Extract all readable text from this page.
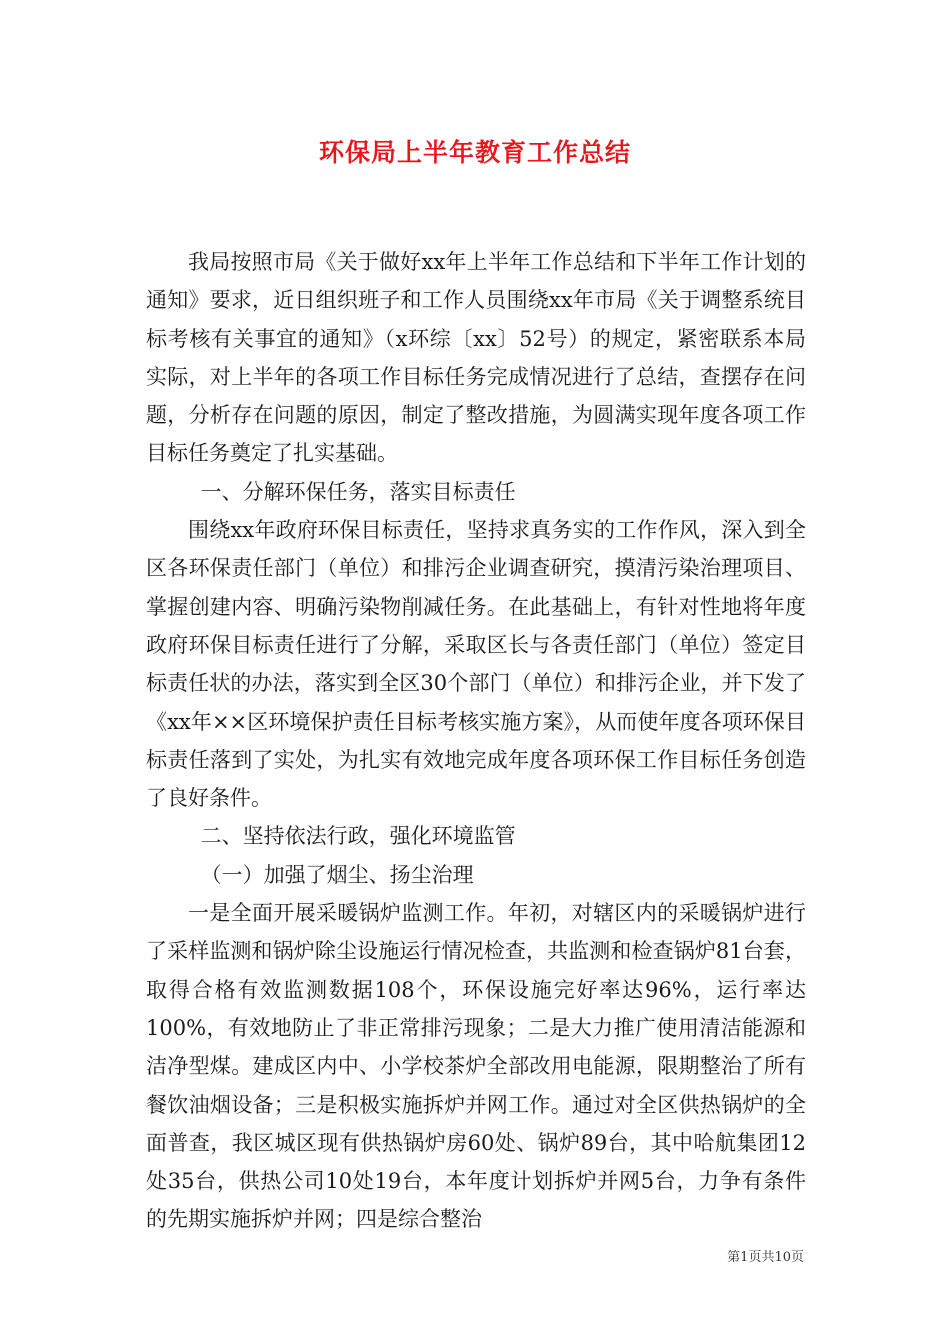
环保局上半年教育工作总结

我局按照市局《关于做好xx年上半年工作总结和下半年工作计划的通知》要求，近日组织班子和工作人员围绕xx年市局《关于调整系统目标考核有关事宜的通知》（x环综〔xx〕52号）的规定，紧密联系本局实际，对上半年的各项工作目标任务完成情况进行了总结，查摆存在问题，分析存在问题的原因，制定了整改措施，为圆满实现年度各项工作目标任务奠定了扎实基础。

一、分解环保任务，落实目标责任

围绕xx年政府环保目标责任，坚持求真务实的工作作风，深入到全区各环保责任部门（单位）和排污企业调查研究，摸清污染治理项目、掌握创建内容、明确污染物削减任务。在此基础上，有针对性地将年度政府环保目标责任进行了分解，采取区长与各责任部门（单位）签定目标责任状的办法，落实到全区30个部门（单位）和排污企业，并下发了《xx年××区环境保护责任目标考核实施方案》，从而使年度各项环保目标责任落到了实处，为扎实有效地完成年度各项环保工作目标任务创造了良好条件。

二、坚持依法行政，强化环境监管

（一）加强了烟尘、扬尘治理

一是全面开展采暖锅炉监测工作。年初，对辖区内的采暖锅炉进行了采样监测和锅炉除尘设施运行情况检查，共监测和检查锅炉81台套，取得合格有效监测数据108个，环保设施完好率达96%，运行率达100%，有效地防止了非正常排污现象；二是大力推广使用清洁能源和洁净型煤。建成区内中、小学校茶炉全部改用电能源，限期整治了所有餐饮油烟设备；三是积极实施拆炉并网工作。通过对全区供热锅炉的全面普查，我区城区现有供热锅炉房60处、锅炉89台，其中哈航集团12处35台，供热公司10处19台，本年度计划拆炉并网5台，力争有条件的先期实施拆炉并网；四是综合整治

第1页共10页
